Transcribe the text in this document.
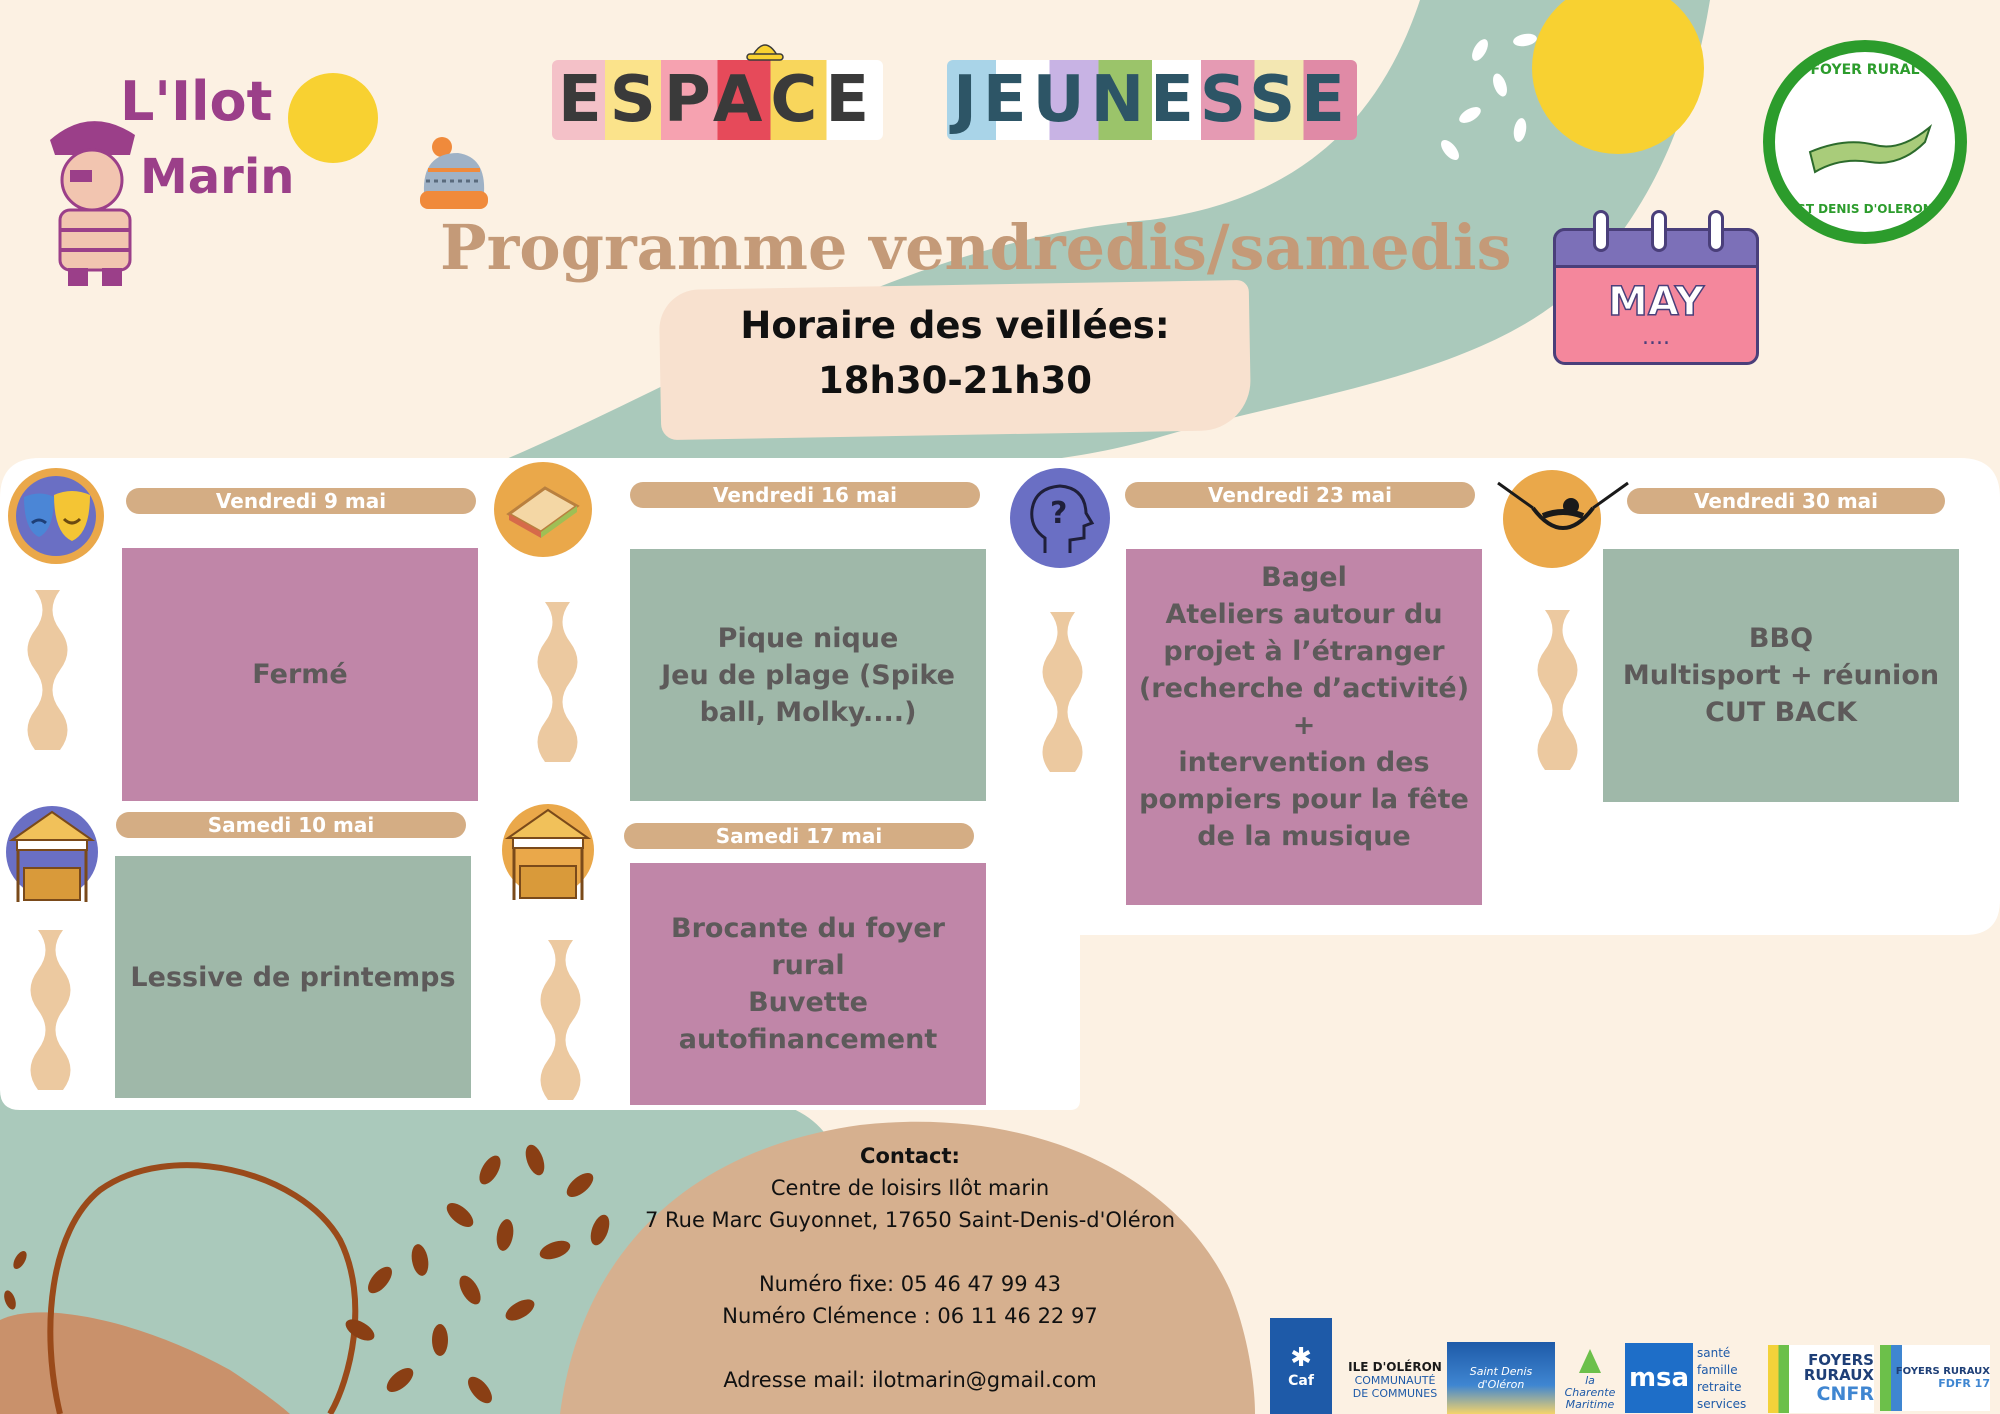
L'Ilot
Marin
ESPACE JEUNESSE
Programme vendredis/samedis
Horaire des veillées:
18h30-21h30
MAY
....
FOYER RURAL
ST DENIS D'OLERON
?
Vendredi 9 mai	Vendredi 16 mai	Vendredi 23 mai	Vendredi 30 mai
Samedi 10 mai	Samedi 17 mai
Fermé
Pique nique
Jeu de plage (Spike
ball, Molky....)
Bagel
Ateliers autour du
projet à l’étranger
(recherche d’activité)
+
intervention des
pompiers pour la fête
de la musique
BBQ
Multisport + réunion
CUT BACK
Lessive de printemps
Brocante du foyer rural
Buvette
autofinancement
Contact:
Centre de loisirs Ilôt marin
7 Rue Marc Guyonnet, 17650 Saint-Denis-d'Oléron
Numéro fixe: 05 46 47 99 43
Numéro Clémence : 06 11 46 22 97
Adresse mail: ilotmarin@gmail.com
✱
Caf
ILE D'OLÉRON
COMMUNAUTÉ
DE COMMUNES
Saint Denis d'Oléron	la Charente Maritime
msa
santé
famille
retraite
services
FOYERS
RURAUX
CNFR
FOYERS RURAUX
FDFR 17
